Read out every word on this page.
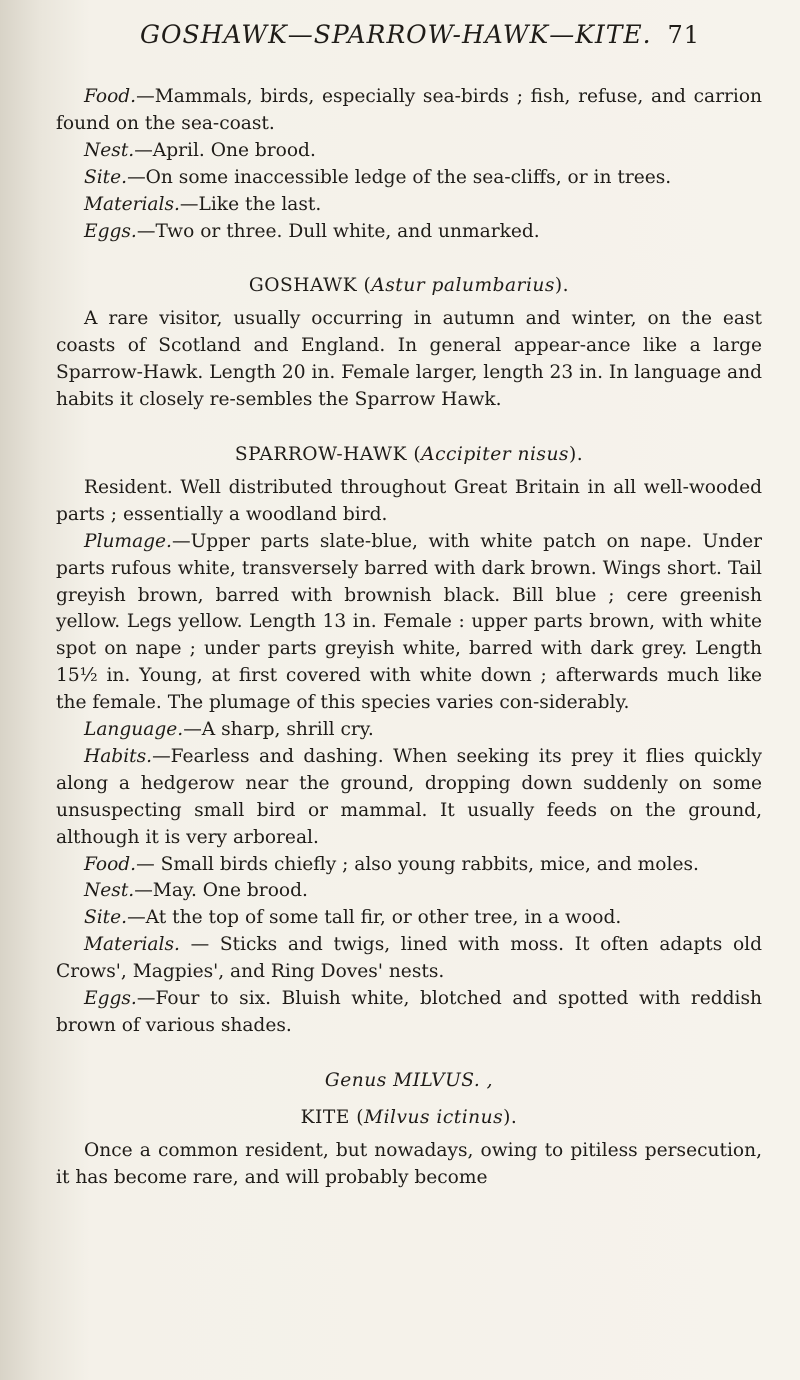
GOSHAWK—SPARROW-HAWK—KITE. 71

Food.—Mammals, birds, especially sea-birds ; fish, refuse, and carrion found on the sea-coast.

Nest.—April. One brood.

Site.—On some inaccessible ledge of the sea-cliffs, or in trees.

Materials.—Like the last.

Eggs.—Two or three. Dull white, and unmarked.

GOSHAWK (Astur palumbarius).

A rare visitor, usually occurring in autumn and winter, on the east coasts of Scotland and England. In general appear-ance like a large Sparrow-Hawk. Length 20 in. Female larger, length 23 in. In language and habits it closely re-sembles the Sparrow Hawk.

SPARROW-HAWK (Accipiter nisus).

Resident. Well distributed throughout Great Britain in all well-wooded parts ; essentially a woodland bird.

Plumage.—Upper parts slate-blue, with white patch on nape. Under parts rufous white, transversely barred with dark brown. Wings short. Tail greyish brown, barred with brownish black. Bill blue ; cere greenish yellow. Legs yellow. Length 13 in. Female : upper parts brown, with white spot on nape ; under parts greyish white, barred with dark grey. Length 15½ in. Young, at first covered with white down ; afterwards much like the female. The plumage of this species varies con-siderably.

Language.—A sharp, shrill cry.

Habits.—Fearless and dashing. When seeking its prey it flies quickly along a hedgerow near the ground, dropping down suddenly on some unsuspecting small bird or mammal. It usually feeds on the ground, although it is very arboreal.

Food.— Small birds chiefly ; also young rabbits, mice, and moles.

Nest.—May. One brood.

Site.—At the top of some tall fir, or other tree, in a wood.

Materials. — Sticks and twigs, lined with moss. It often adapts old Crows', Magpies', and Ring Doves' nests.

Eggs.—Four to six. Bluish white, blotched and spotted with reddish brown of various shades.

Genus MILVUS. ,

KITE (Milvus ictinus).

Once a common resident, but nowadays, owing to pitiless persecution, it has become rare, and will probably become
